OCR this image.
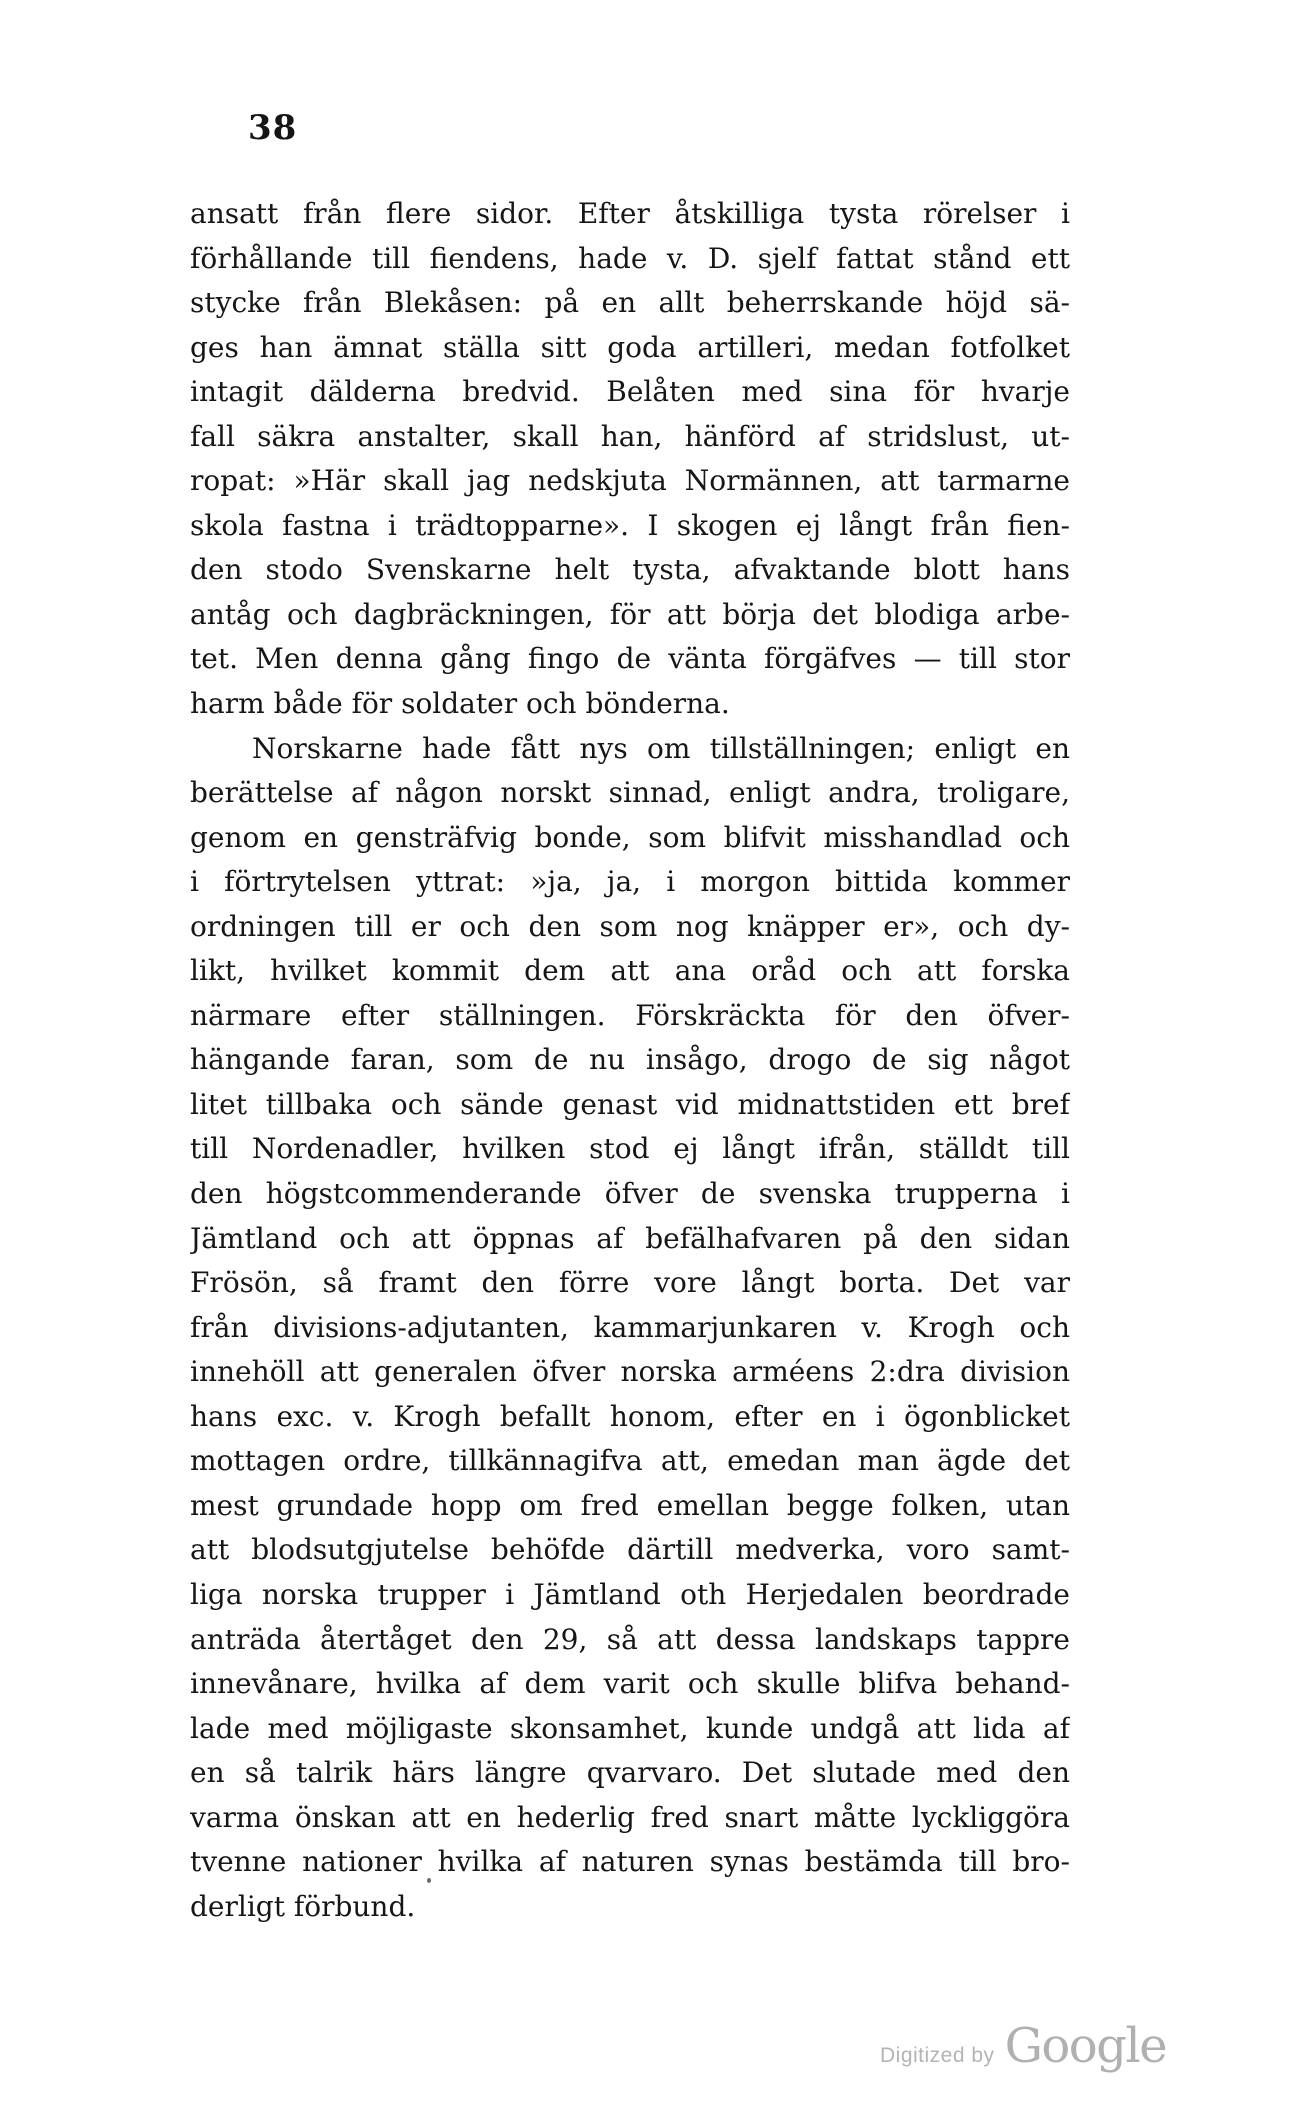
38
ansatt från flere sidor. Efter åtskilliga tysta rörelser i
förhållande till fiendens, hade v. D. sjelf fattat stånd ett
stycke från Blekåsen: på en allt beherrskande höjd sä-
ges han ämnat ställa sitt goda artilleri, medan fotfolket
intagit dälderna bredvid. Belåten med sina för hvarje
fall säkra anstalter, skall han, hänförd af stridslust, ut-
ropat: »Här skall jag nedskjuta Normännen, att tarmarne
skola fastna i trädtopparne». I skogen ej långt från fien-
den stodo Svenskarne helt tysta, afvaktande blott hans
antåg och dagbräckningen, för att börja det blodiga arbe-
tet. Men denna gång fingo de vänta förgäfves — till stor
harm både för soldater och bönderna.
Norskarne hade fått nys om tillställningen; enligt en
berättelse af någon norskt sinnad, enligt andra, troligare,
genom en gensträfvig bonde, som blifvit misshandlad och
i förtrytelsen yttrat: »ja, ja, i morgon bittida kommer
ordningen till er och den som nog knäpper er», och dy-
likt, hvilket kommit dem att ana oråd och att forska
närmare efter ställningen. Förskräckta för den öfver-
hängande faran, som de nu insågo, drogo de sig något
litet tillbaka och sände genast vid midnattstiden ett bref
till Nordenadler, hvilken stod ej långt ifrån, ställdt till
den högstcommenderande öfver de svenska trupperna i
Jämtland och att öppnas af befälhafvaren på den sidan
Frösön, så framt den förre vore långt borta. Det var
från divisions-adjutanten, kammarjunkaren v. Krogh och
innehöll att generalen öfver norska arméens 2:dra division
hans exc. v. Krogh befallt honom, efter en i ögonblicket
mottagen ordre, tillkännagifva att, emedan man ägde det
mest grundade hopp om fred emellan begge folken, utan
att blodsutgjutelse behöfde därtill medverka, voro samt-
liga norska trupper i Jämtland oth Herjedalen beordrade
anträda återtåget den 29, så att dessa landskaps tappre
innevånare, hvilka af dem varit och skulle blifva behand-
lade med möjligaste skonsamhet, kunde undgå att lida af
en så talrik härs längre qvarvaro. Det slutade med den
varma önskan att en hederlig fred snart måtte lyckliggöra
tvenne nationer hvilka af naturen synas bestämda till bro-
derligt förbund.
Digitized by Google
